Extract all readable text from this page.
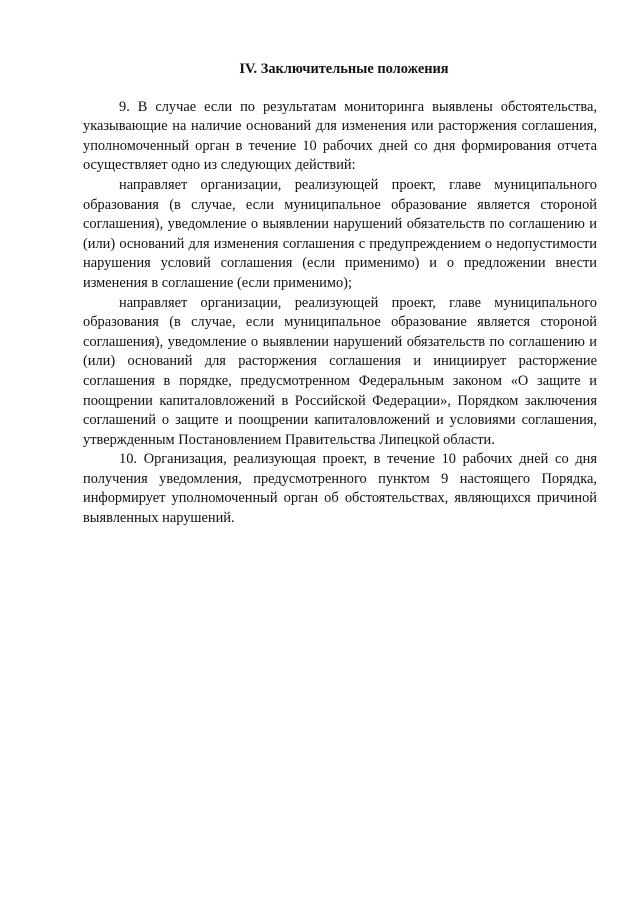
IV. Заключительные положения

9. В случае если по результатам мониторинга выявлены обстоятельства, указывающие на наличие оснований для изменения или расторжения соглашения, уполномоченный орган в течение 10 рабочих дней со дня формирования отчета осуществляет одно из следующих действий:

направляет организации, реализующей проект, главе муниципального образования (в случае, если муниципальное образование является стороной соглашения), уведомление о выявлении нарушений обязательств по соглашению и (или) оснований для изменения соглашения с предупреждением о недопустимости нарушения условий соглашения (если применимо) и о предложении внести изменения в соглашение (если применимо);

направляет организации, реализующей проект, главе муниципального образования (в случае, если муниципальное образование является стороной соглашения), уведомление о выявлении нарушений обязательств по соглашению и (или) оснований для расторжения соглашения и инициирует расторжение соглашения в порядке, предусмотренном Федеральным законом «О защите и поощрении капиталовложений в Российской Федерации», Порядком заключения соглашений о защите и поощрении капиталовложений и условиями соглашения, утвержденным Постановлением Правительства Липецкой области.

10. Организация, реализующая проект, в течение 10 рабочих дней со дня получения уведомления, предусмотренного пунктом 9 настоящего Порядка, информирует уполномоченный орган об обстоятельствах, являющихся причиной выявленных нарушений.
